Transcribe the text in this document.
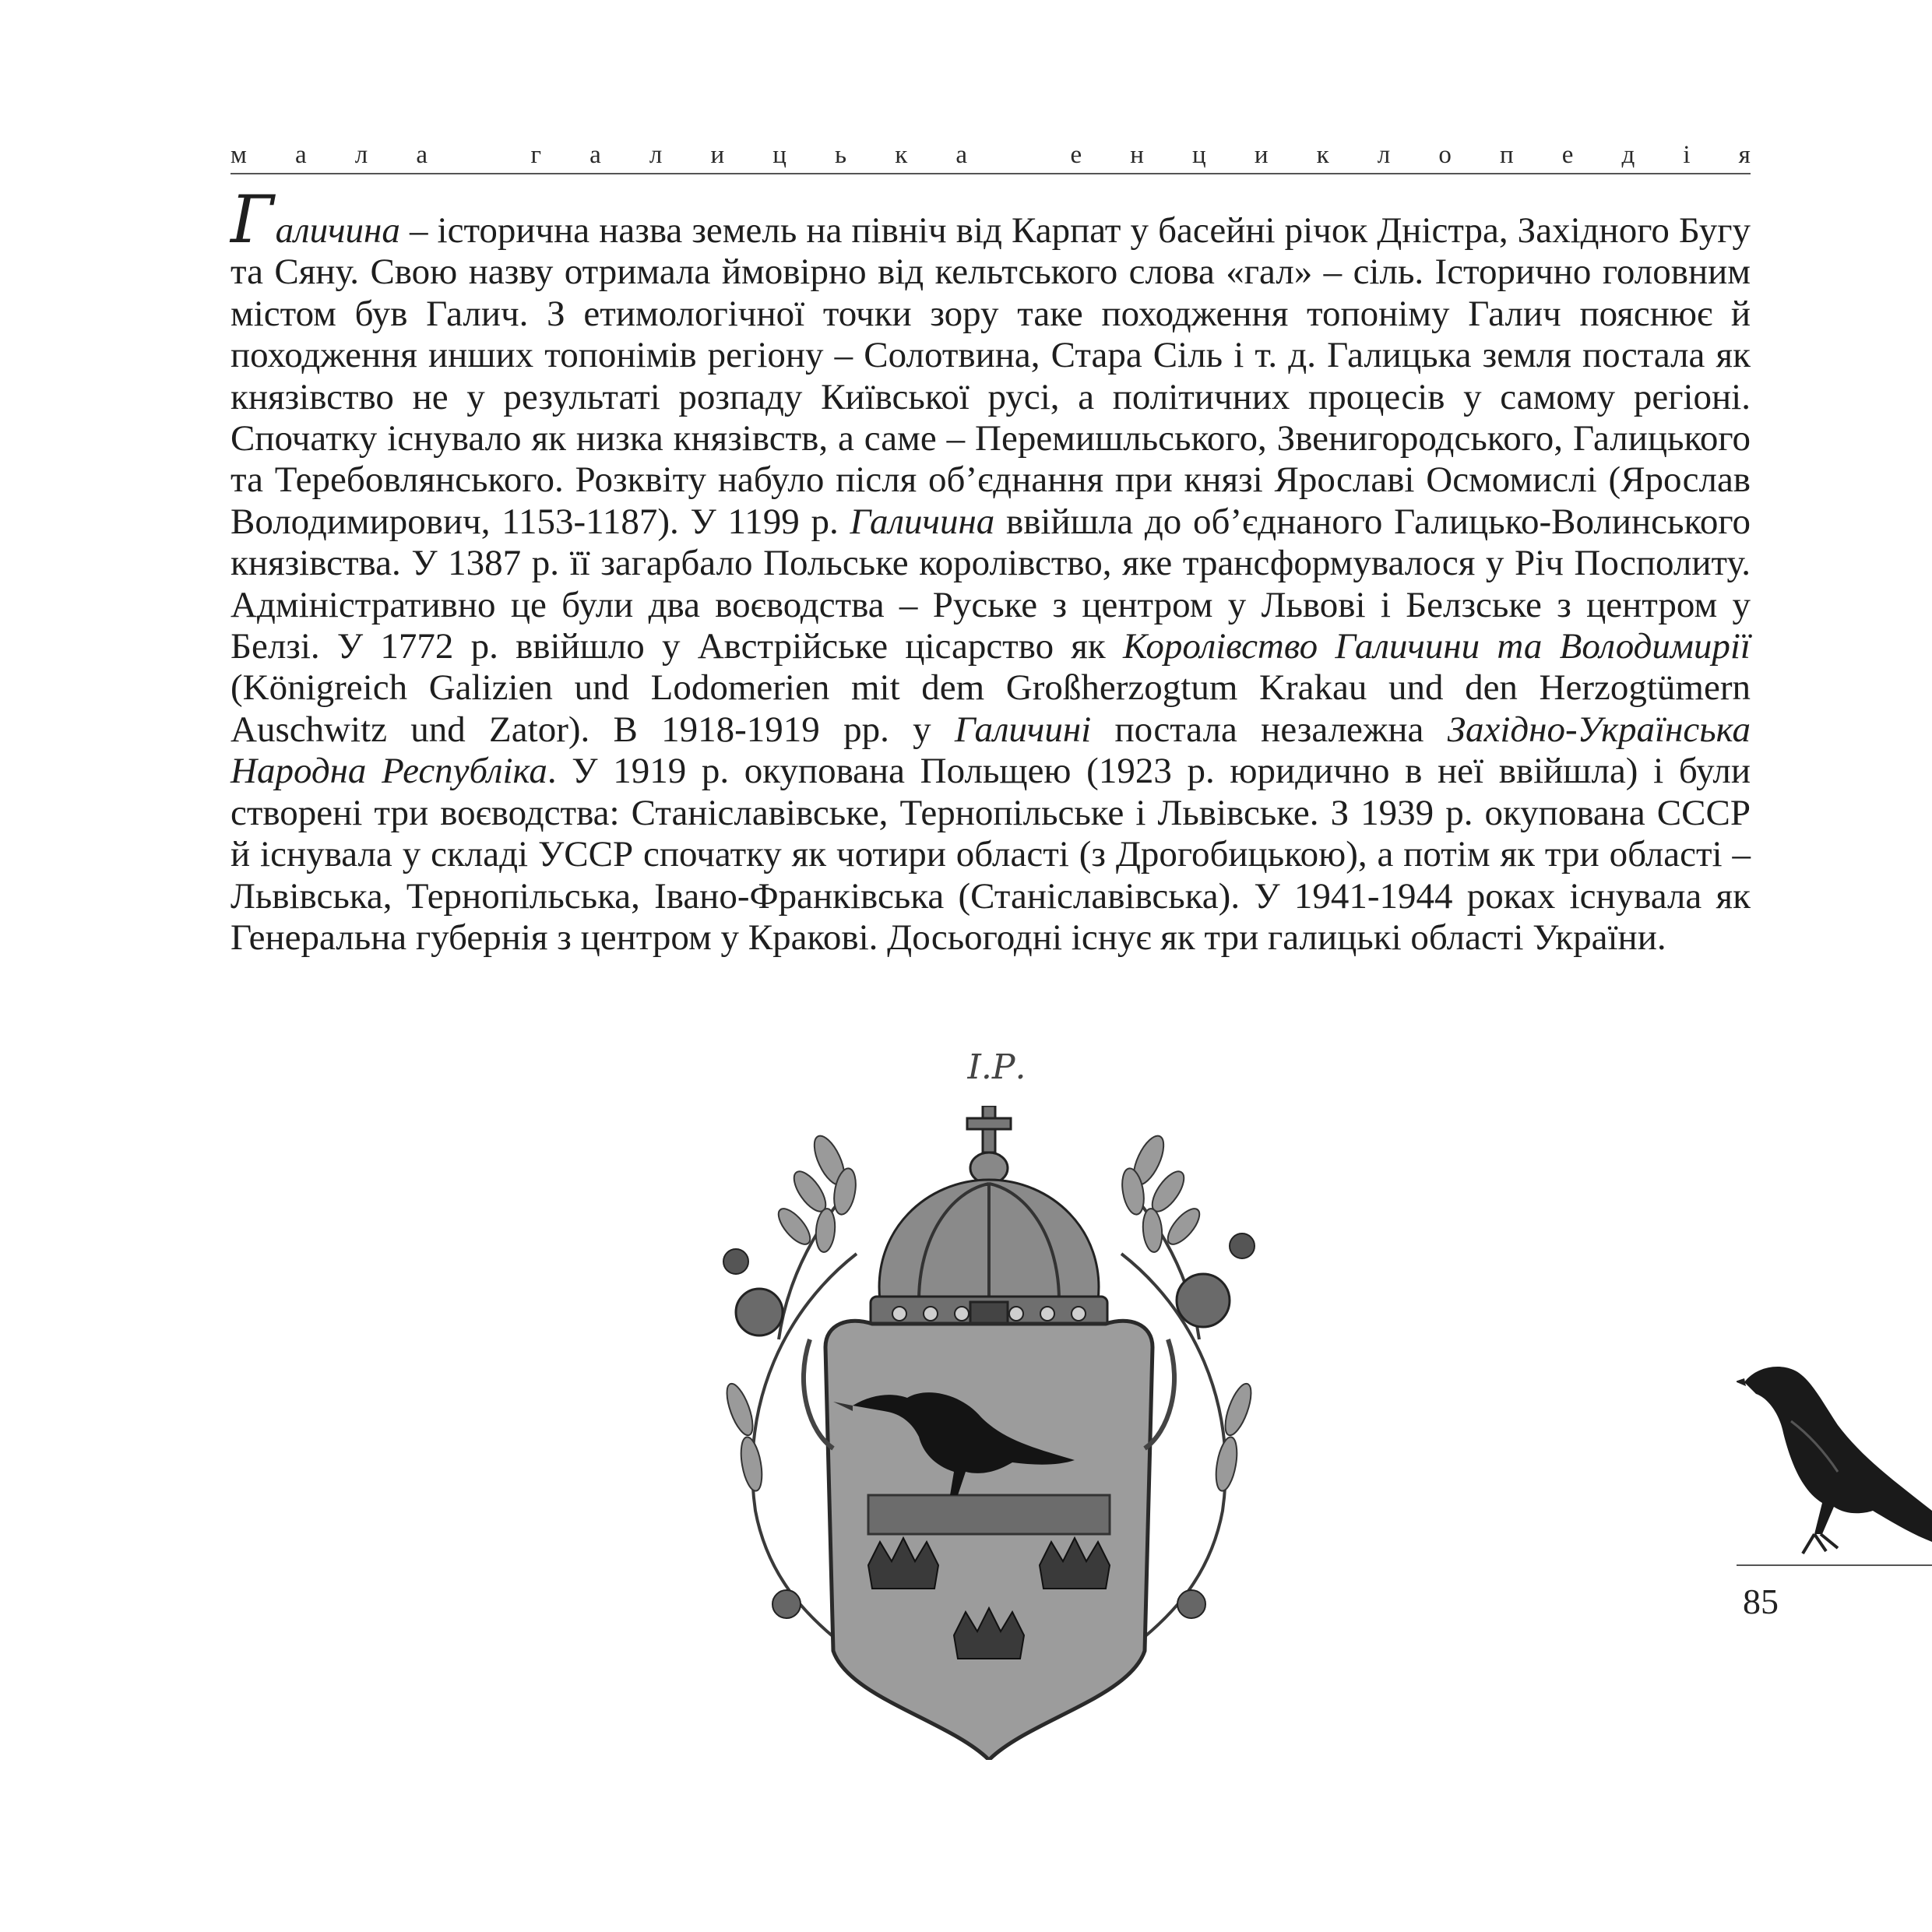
м а л а
	г а л и ц ь к а
	е н ц и к л о п е д і я
Галичина – історична назва земель на північ від Карпат у басейні річок Дністра, Західного Бугу та Сяну. Свою назву отримала ймовірно від кельтського слова «гал» – сіль. Історично головним містом був Галич. З етимологічної точки зору таке походження топоніму Галич пояснює й походження инших топонімів регіону – Солотвина, Стара Сіль і т. д. Галицька земля постала як князівство не у результаті розпаду Київської русі, а політичних процесів у самому регіоні. Спочатку існувало як низка князівств, а саме – Перемишльського, Звенигородського, Галицького та Теребовлянського. Розквіту набуло після об’єднання при князі Ярославі Осмомислі (Ярослав Володимирович, 1153-1187). У 1199 р. Галичина ввійшла до об’єднаного Галицько-Волинського князівства. У 1387 р. її загарбало Польське королівство, яке трансформувалося у Річ Посполиту. Адміністративно це були два воєводства – Руське з центром у Львові і Белзське з центром у Белзі. У 1772 р. ввійшло у Австрійське цісарство як Королівство Галичини та Володимирії (Königreich Galizien und Lodomerien mit dem Großherzogtum Krakau und den Herzogtümern Auschwitz und Zator). В 1918-1919 рр. у Галичині постала незалежна Західно-Українська Народна Республіка. У 1919 р. окупована Польщею (1923 р. юридично в неї ввійшла) і були створені три воєводства: Станіславівське, Тернопільське і Львівське. З 1939 р. окупована СССР й існувала у складі УССР спочатку як чотири області (з Дрогобицькою), а потім як три області – Львівська, Тернопільська, Івано-Франківська (Станіславівська). У 1941-1944 роках існувала як Генеральна губернія з центром у Кракові. Досьогодні існує як три галицькі області України.
І.Р.
85
